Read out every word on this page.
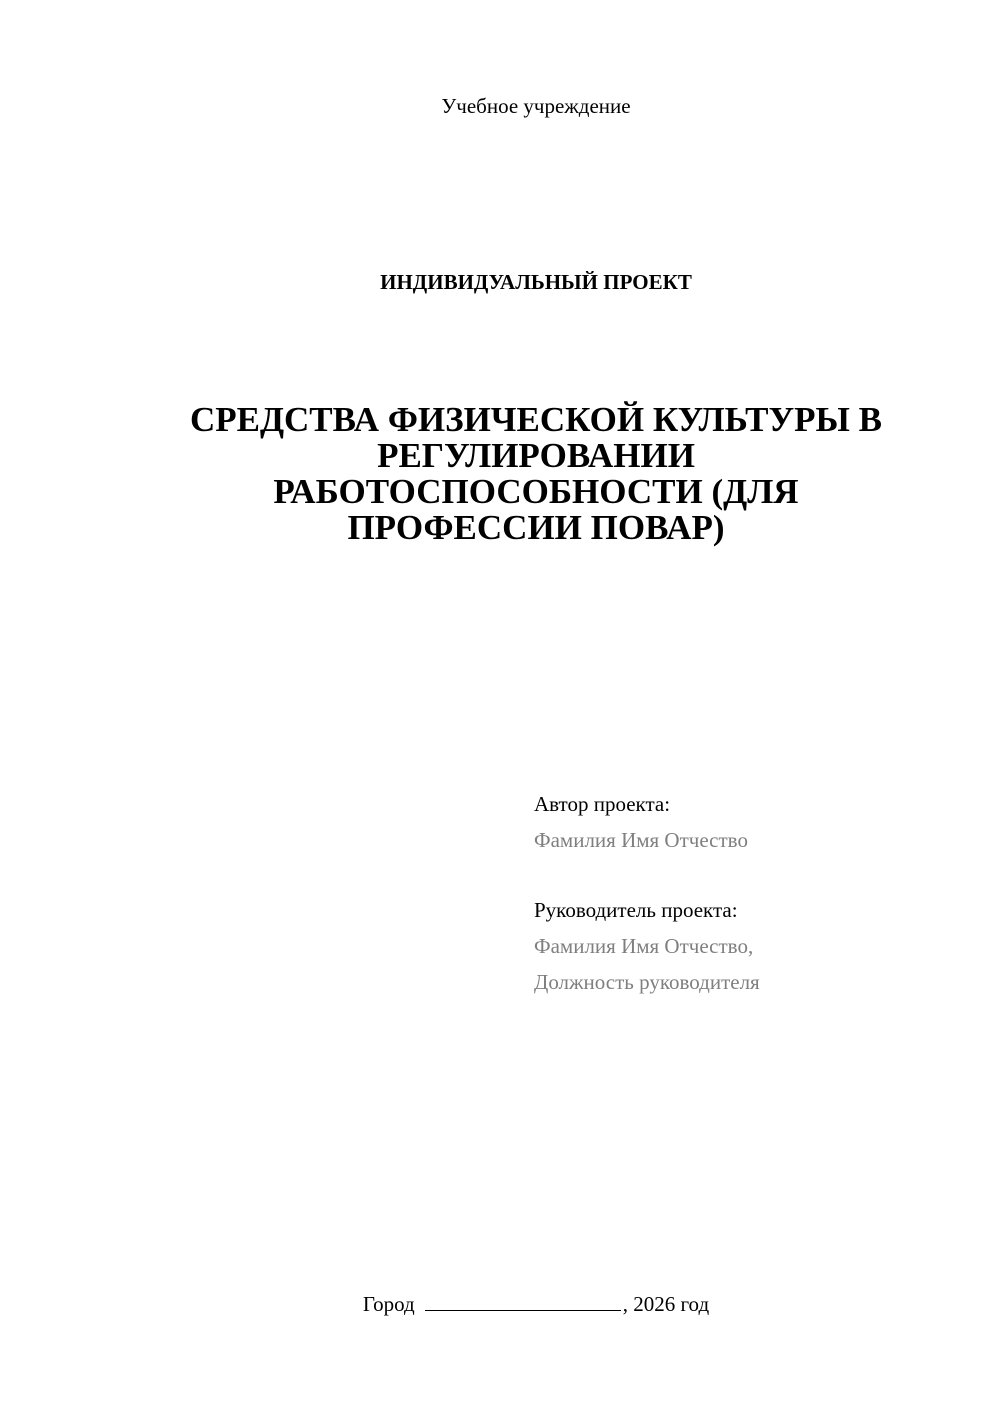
Учебное учреждение
ИНДИВИДУАЛЬНЫЙ ПРОЕКТ
СРЕДСТВА ФИЗИЧЕСКОЙ КУЛЬТУРЫ В
РЕГУЛИРОВАНИИ
РАБОТОСПОСОБНОСТИ (ДЛЯ
ПРОФЕССИИ ПОВАР)
Автор проекта:
Фамилия Имя Отчество
Руководитель проекта:
Фамилия Имя Отчество,
Должность руководителя
Город	, 2026 год
